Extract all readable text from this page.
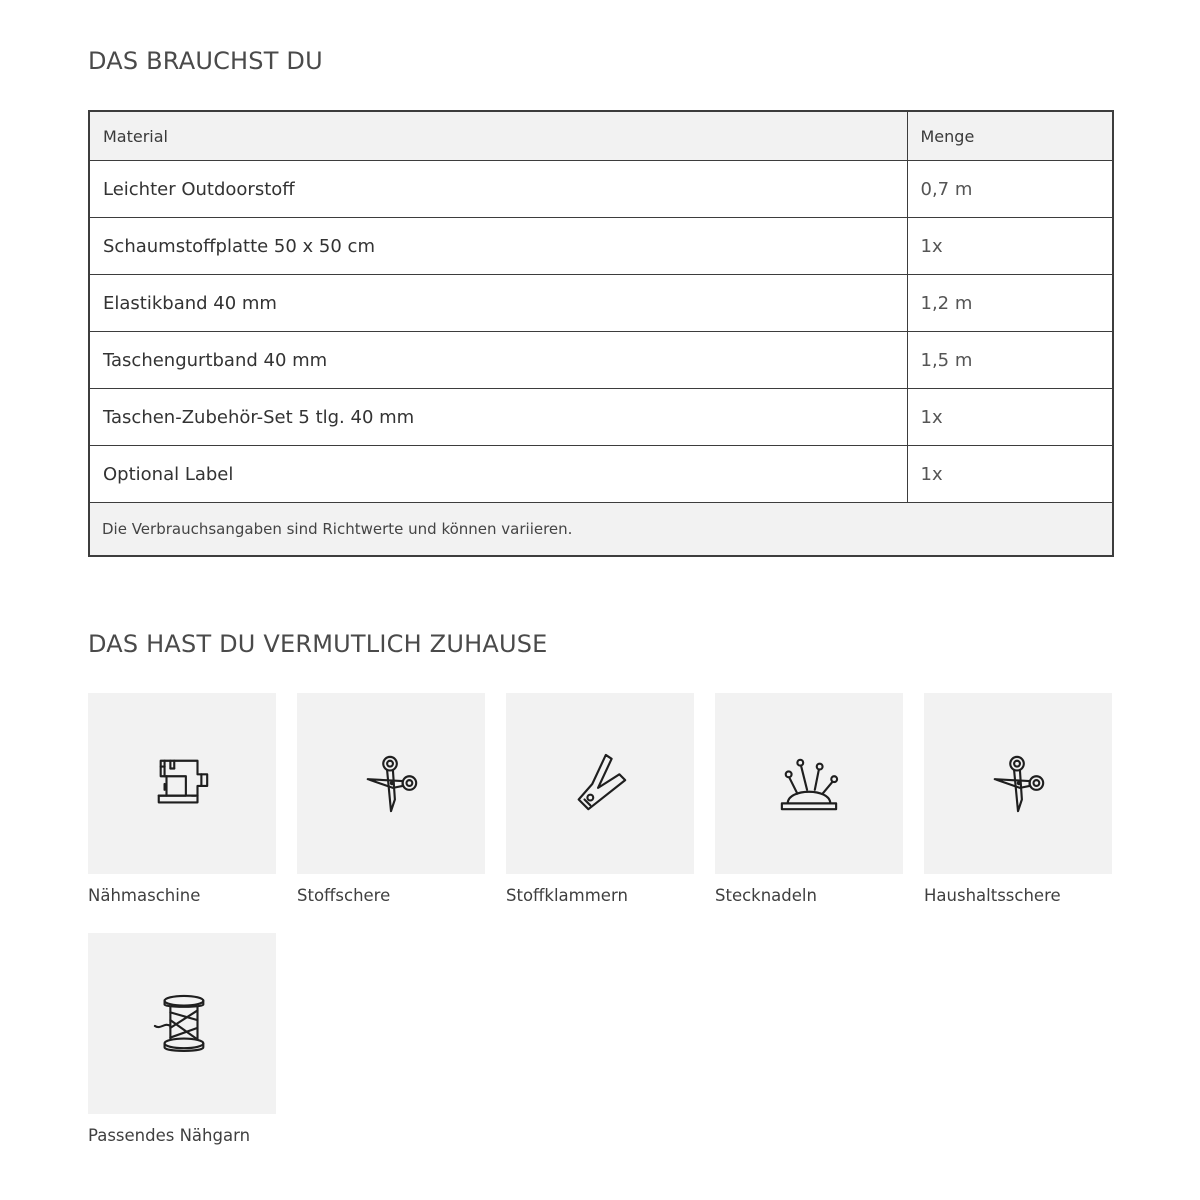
DAS BRAUCHST DU
Material	Menge
Leichter Outdoorstoff	0,7 m
Schaumstoffplatte 50 x 50 cm	1x
Elastikband 40 mm	1,2 m
Taschengurtband 40 mm	1,5 m
Taschen-Zubehör-Set 5 tlg. 40 mm	1x
Optional Label	1x
Die Verbrauchsangaben sind Richtwerte und können variieren.	
DAS HAST DU VERMUTLICH ZUHAUSE
Nähmaschine	Stoffschere	Stoffklammern	Stecknadeln	Haushaltsschere
Passendes Nähgarn
